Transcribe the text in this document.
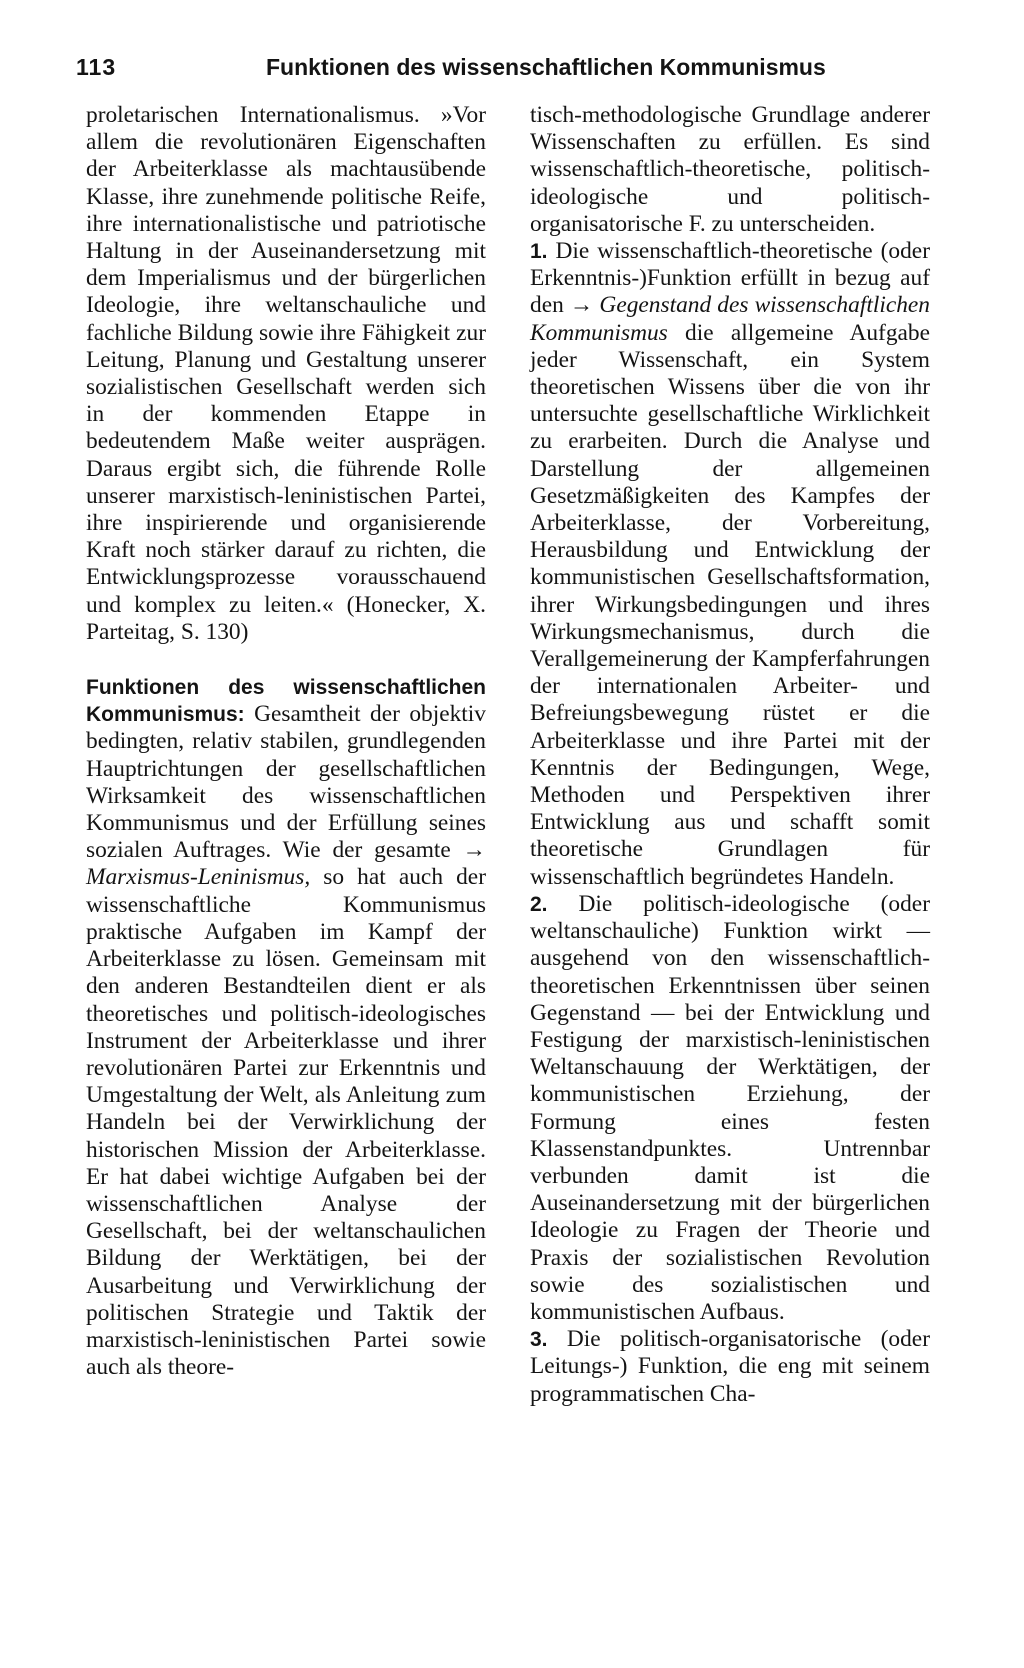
113	Funktionen des wissenschaftlichen Kommunismus

proletarischen Internationalismus. »Vor allem die revolutionären Eigenschaften der Arbeiterklasse als machtausübende Klasse, ihre zunehmende politische Reife, ihre internationalistische und patriotische Haltung in der Auseinandersetzung mit dem Imperialismus und der bürgerlichen Ideologie, ihre weltanschauliche und fachliche Bildung sowie ihre Fähigkeit zur Leitung, Planung und Gestaltung unserer sozialistischen Gesellschaft werden sich in der kommenden Etappe in bedeutendem Maße weiter ausprägen. Daraus ergibt sich, die führende Rolle unserer marxistisch-leninistischen Partei, ihre inspirierende und organisierende Kraft noch stärker darauf zu richten, die Entwicklungsprozesse vorausschauend und komplex zu leiten.« (Honecker, X. Parteitag, S. 130)

Funktionen des wissenschaftlichen Kommunismus: Gesamtheit der objektiv bedingten, relativ stabilen, grundlegenden Hauptrichtungen der gesellschaftlichen Wirksamkeit des wissenschaftlichen Kommunismus und der Erfüllung seines sozialen Auftrages. Wie der gesamte → Marxismus-Leninismus, so hat auch der wissenschaftliche Kommunismus praktische Aufgaben im Kampf der Arbeiterklasse zu lösen. Gemeinsam mit den anderen Bestandteilen dient er als theoretisches und politisch-ideologisches Instrument der Arbeiterklasse und ihrer revolutionären Partei zur Erkenntnis und Umgestaltung der Welt, als Anleitung zum Handeln bei der Verwirklichung der historischen Mission der Arbeiterklasse. Er hat dabei wichtige Aufgaben bei der wissenschaftlichen Analyse der Gesellschaft, bei der weltanschaulichen Bildung der Werktätigen, bei der Ausarbeitung und Verwirklichung der politischen Strategie und Taktik der marxistisch-leninistischen Partei sowie auch als theore-

tisch-methodologische Grundlage anderer Wissenschaften zu erfüllen. Es sind wissenschaftlich-theoretische, politisch-ideologische und politisch-organisatorische F. zu unterscheiden.

1. Die wissenschaftlich-theoretische (oder Erkenntnis-)Funktion erfüllt in bezug auf den → Gegenstand des wissenschaftlichen Kommunismus die allgemeine Aufgabe jeder Wissenschaft, ein System theoretischen Wissens über die von ihr untersuchte gesellschaftliche Wirklichkeit zu erarbeiten. Durch die Analyse und Darstellung der allgemeinen Gesetzmäßigkeiten des Kampfes der Arbeiterklasse, der Vorbereitung, Herausbildung und Entwicklung der kommunistischen Gesellschaftsformation, ihrer Wirkungsbedingungen und ihres Wirkungsmechanismus, durch die Verallgemeinerung der Kampferfahrungen der internationalen Arbeiter- und Befreiungsbewegung rüstet er die Arbeiterklasse und ihre Partei mit der Kenntnis der Bedingungen, Wege, Methoden und Perspektiven ihrer Entwicklung aus und schafft somit theoretische Grundlagen für wissenschaftlich begründetes Handeln.

2. Die politisch-ideologische (oder weltanschauliche) Funktion wirkt — ausgehend von den wissenschaftlich-theoretischen Erkenntnissen über seinen Gegenstand — bei der Entwicklung und Festigung der marxistisch-leninistischen Weltanschauung der Werktätigen, der kommunistischen Erziehung, der Formung eines festen Klassenstandpunktes. Untrennbar verbunden damit ist die Auseinandersetzung mit der bürgerlichen Ideologie zu Fragen der Theorie und Praxis der sozialistischen Revolution sowie des sozialistischen und kommunistischen Aufbaus.

3. Die politisch-organisatorische (oder Leitungs-) Funktion, die eng mit seinem programmatischen Cha-
